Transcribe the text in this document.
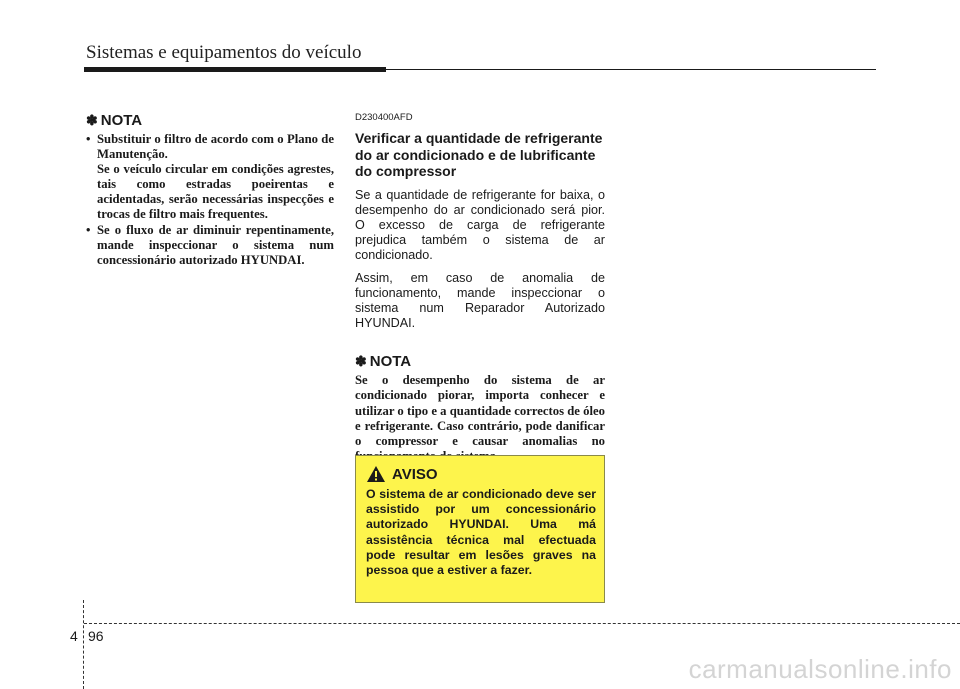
Sistemas e equipamentos do veículo
✽ NOTA
• Substituir o filtro de acordo com o Plano de Manutenção.

Se o veículo circular em condições agrestes, tais como estradas poeirentas e acidentadas, serão necessárias inspecções e trocas de filtro mais frequentes.

• Se o fluxo de ar diminuir repentinamente, mande inspeccionar o sistema num concessionário autorizado HYUNDAI.

D230400AFD
Verificar a quantidade de refrigerante do ar condicionado e de lubrificante do compressor

Se a quantidade de refrigerante for baixa, o desempenho do ar condicionado será pior. O excesso de carga de refrigerante prejudica também o sistema de ar condicionado.

Assim, em caso de anomalia de funcionamento, mande inspeccionar o sistema num Reparador Autorizado HYUNDAI.

✽ NOTA

Se o desempenho do sistema de ar condicionado piorar, importa conhecer e utilizar o tipo e a quantidade correctos de óleo e refrigerante. Caso contrário, pode danificar o compressor e causar anomalias no

AVISO

O sistema de ar condicionado deve ser assistido por um concessionário autorizado HYUNDAI. Uma má assistência técnica mal efectuada pode resultar em lesões graves na pessoa que a estiver a fazer.

4 96
carmanualsonline.info
